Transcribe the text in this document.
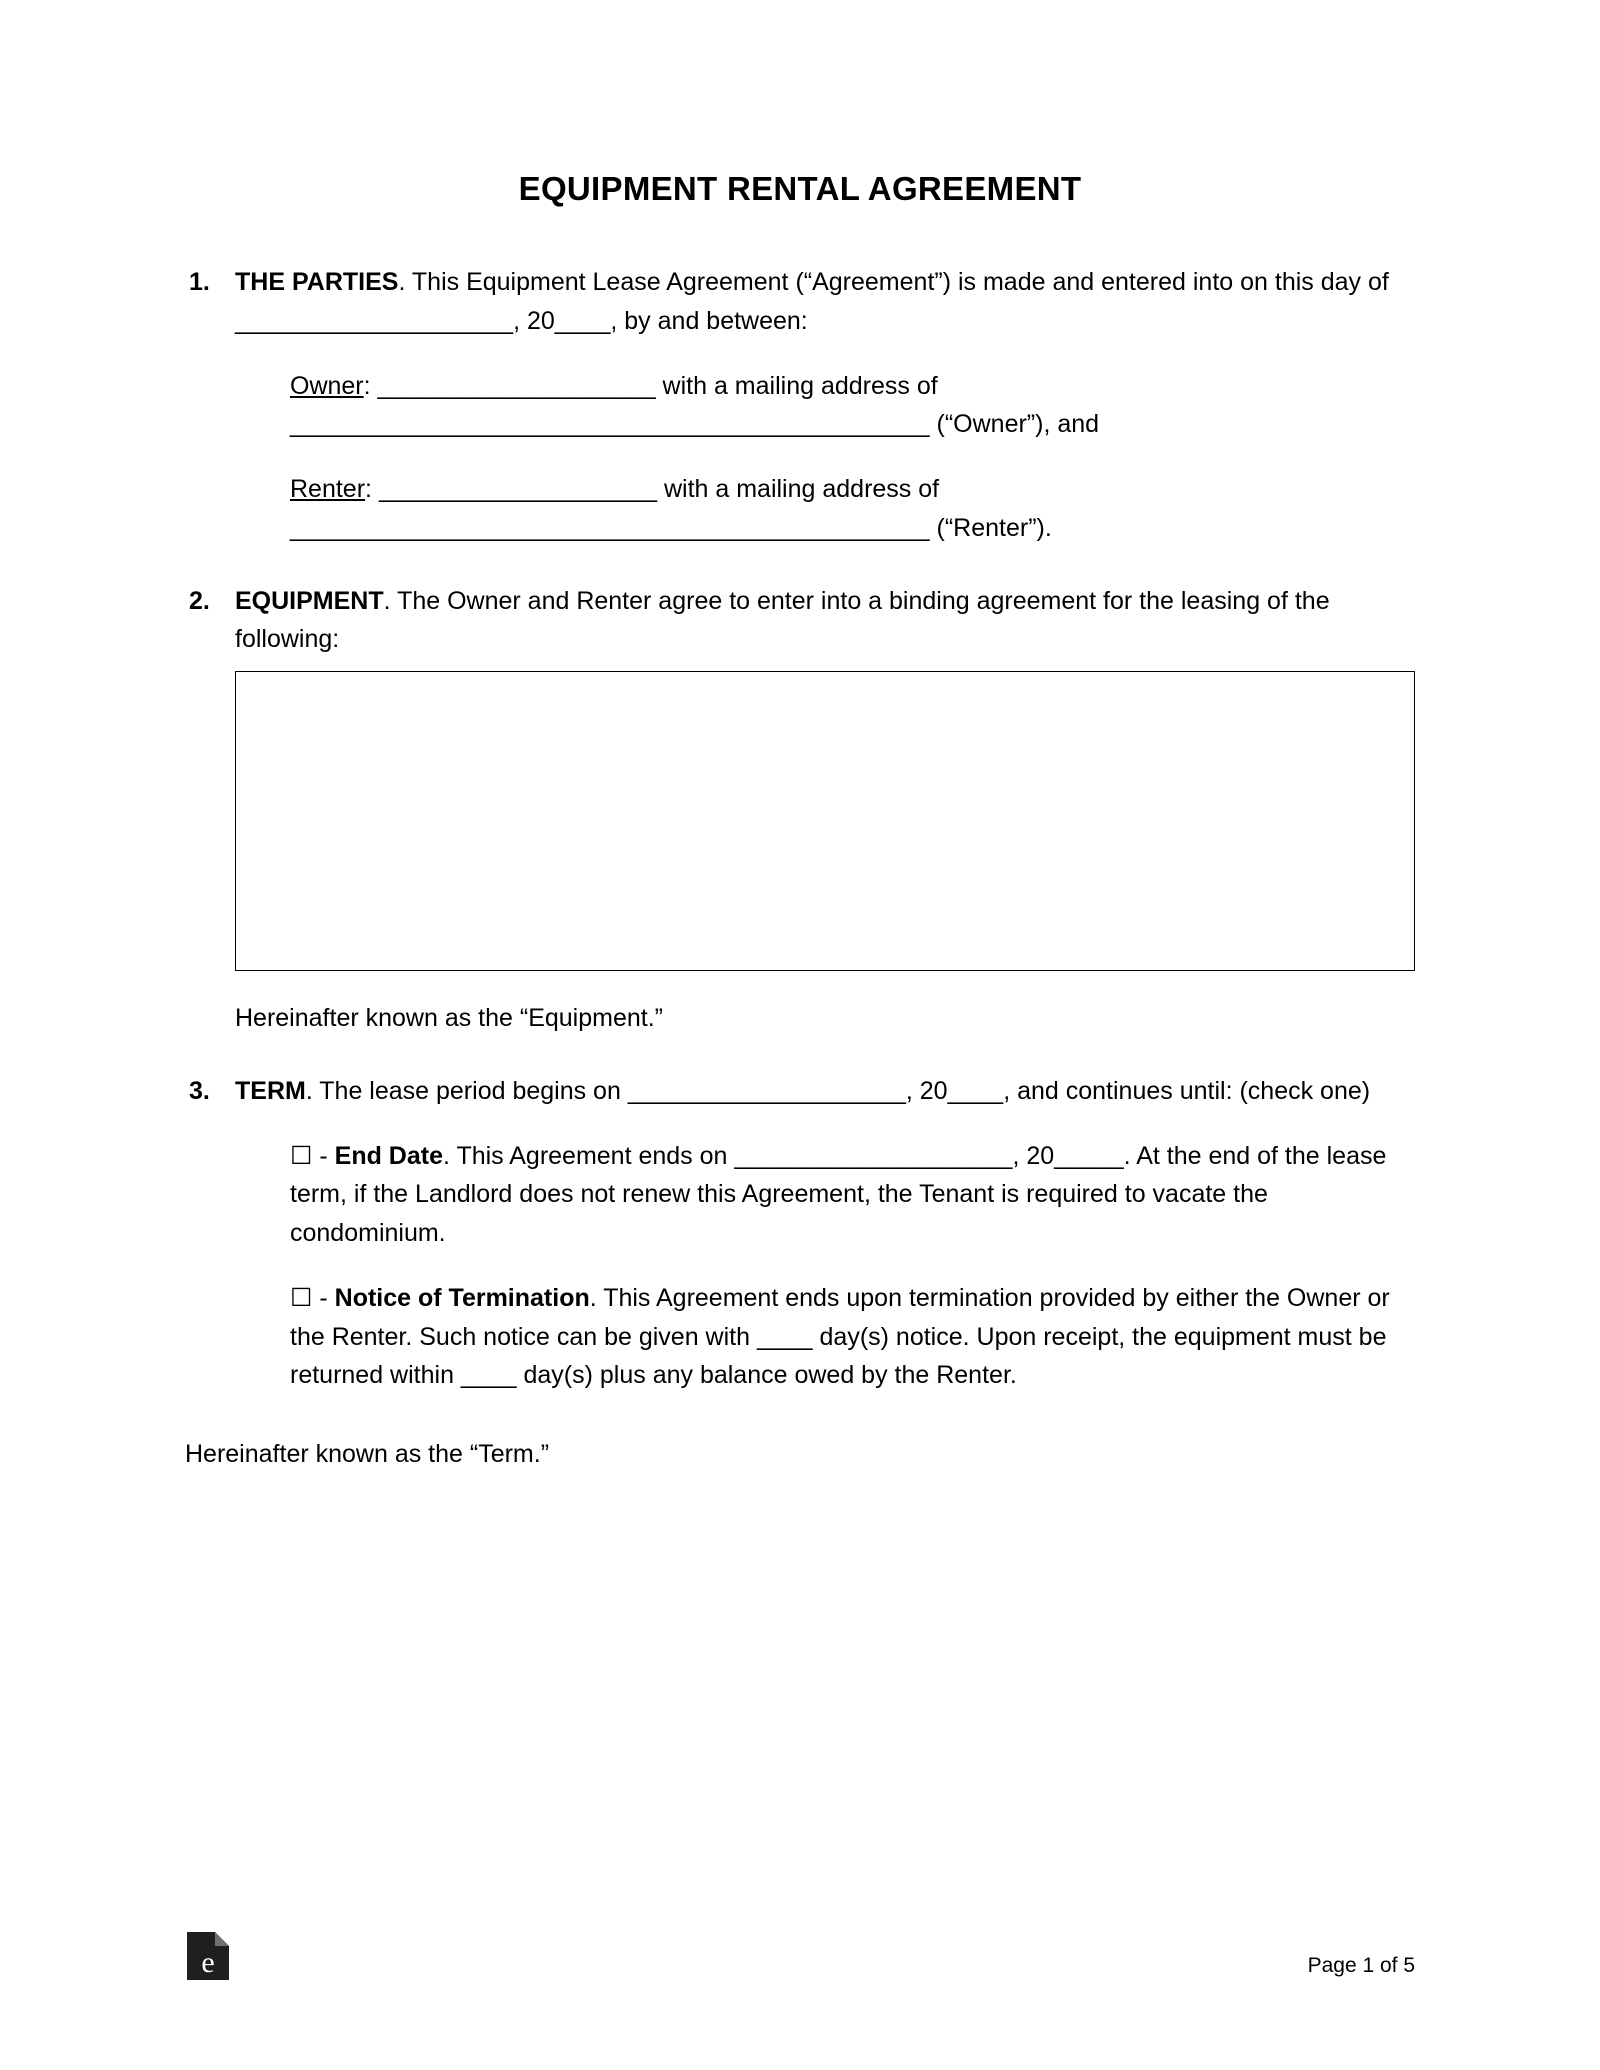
EQUIPMENT RENTAL AGREEMENT
1.	THE PARTIES. This Equipment Lease Agreement (“Agreement”) is made and entered into on this day of ____________________, 20____, by and between:

Owner: ____________________ with a mailing address of
______________________________________________ (“Owner”), and

Renter: ____________________ with a mailing address of
______________________________________________ (“Renter”).

2.	EQUIPMENT. The Owner and Renter agree to enter into a binding agreement for the leasing of the following:

Hereinafter known as the “Equipment.”
3.	TERM. The lease period begins on ____________________, 20____, and continues until: (check one)

☐ - End Date. This Agreement ends on ____________________, 20_____. At the end of the lease term, if the Landlord does not renew this Agreement, the Tenant is required to vacate the condominium.

☐ - Notice of Termination. This Agreement ends upon termination provided by either the Owner or the Renter. Such notice can be given with ____ day(s) notice. Upon receipt, the equipment must be returned within ____ day(s) plus any balance owed by the Renter.

Hereinafter known as the “Term.”
e	Page 1 of 5
